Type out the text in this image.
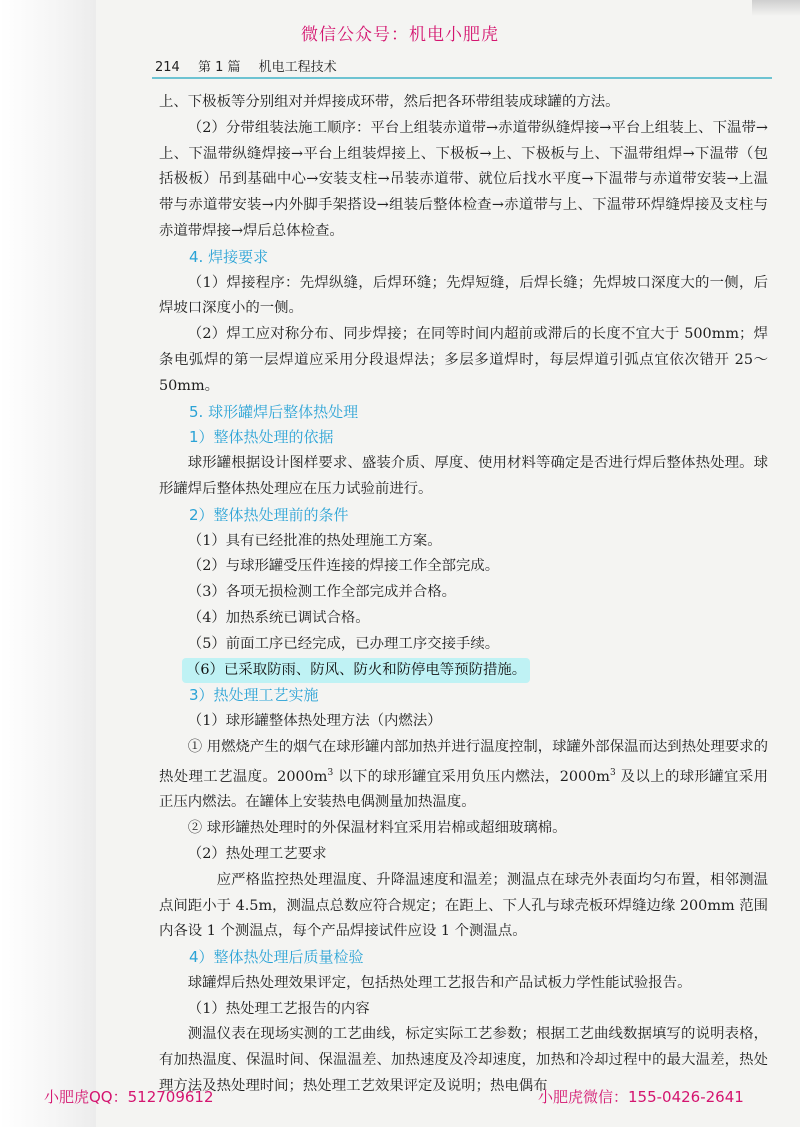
微信公众号：机电小肥虎
214 第 1 篇 机电工程技术

上、下极板等分别组对并焊接成环带，然后把各环带组装成球罐的方法。

（2）分带组装法施工顺序：平台上组装赤道带→赤道带纵缝焊接→平台上组装上、下温带→上、下温带纵缝焊接→平台上组装焊接上、下极板→上、下极板与上、下温带组焊→下温带（包括极板）吊到基础中心→安装支柱→吊装赤道带、就位后找水平度→下温带与赤道带安装→上温带与赤道带安装→内外脚手架搭设→组装后整体检查→赤道带与上、下温带环焊缝焊接及支柱与赤道带焊接→焊后总体检查。

4. 焊接要求

（1）焊接程序：先焊纵缝，后焊环缝；先焊短缝，后焊长缝；先焊坡口深度大的一侧，后焊坡口深度小的一侧。

（2）焊工应对称分布、同步焊接；在同等时间内超前或滞后的长度不宜大于 500mm；焊条电弧焊的第一层焊道应采用分段退焊法；多层多道焊时，每层焊道引弧点宜依次错开 25～50mm。

5. 球形罐焊后整体热处理
1）整体热处理的依据

球形罐根据设计图样要求、盛装介质、厚度、使用材料等确定是否进行焊后整体热处理。球形罐焊后整体热处理应在压力试验前进行。

2）整体热处理前的条件

（1）具有已经批准的热处理施工方案。

（2）与球形罐受压件连接的焊接工作全部完成。

（3）各项无损检测工作全部完成并合格。

（4）加热系统已调试合格。

（5）前面工序已经完成，已办理工序交接手续。

（6）已采取防雨、防风、防火和防停电等预防措施。

3）热处理工艺实施

（1）球形罐整体热处理方法（内燃法）

① 用燃烧产生的烟气在球形罐内部加热并进行温度控制，球罐外部保温而达到热处理要求的热处理工艺温度。$2000m^3$ 以下的球形罐宜采用负压内燃法，$2000m^3$ 及以上的球形罐宜采用正压内燃法。在罐体上安装热电偶测量加热温度。

② 球形罐热处理时的外保温材料宜采用岩棉或超细玻璃棉。

（2）热处理工艺要求

应严格监控热处理温度、升降温速度和温差；测温点在球壳外表面均匀布置，相邻测温点间距小于 4.5m，测温点总数应符合规定；在距上、下人孔与球壳板环焊缝边缘 200mm 范围内各设 1 个测温点，每个产品焊接试件应设 1 个测温点。

4）整体热处理后质量检验

球罐焊后热处理效果评定，包括热处理工艺报告和产品试板力学性能试验报告。

（1）热处理工艺报告的内容

测温仪表在现场实测的工艺曲线，标定实际工艺参数；根据工艺曲线数据填写的说明表格，有加热温度、保温时间、保温温差、加热速度及冷却速度，加热和冷却过程中的最大温差，热处理方法及热处理时间；热处理工艺效果评定及说明；热电偶布

小肥虎QQ：512709612	小肥虎微信：155-0426-2641
